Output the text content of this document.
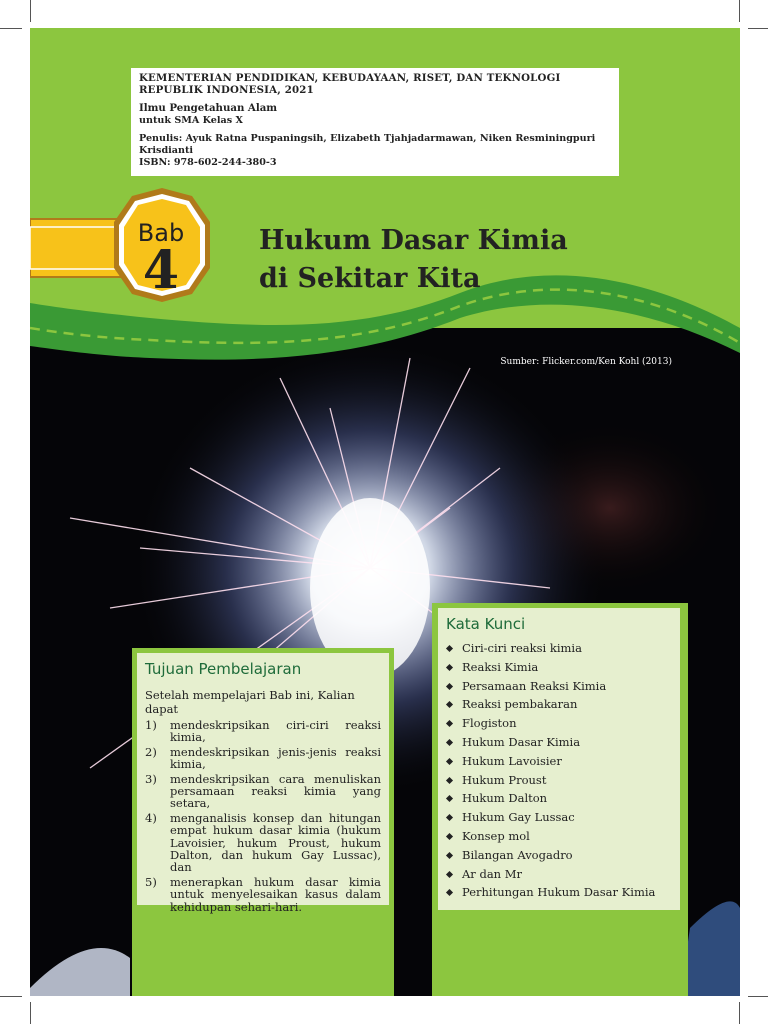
Bab
4
KEMENTERIAN PENDIDIKAN, KEBUDAYAAN, RISET, DAN TEKNOLOGI
REPUBLIK INDONESIA, 2021
Ilmu Pengetahuan Alam
untuk SMA Kelas X
Penulis: Ayuk Ratna Puspaningsih, Elizabeth Tjahjadarmawan, Niken Resminingpuri Krisdianti
ISBN: 978-602-244-380-3
Hukum Dasar Kimia
di Sekitar Kita
Sumber: Flicker.com/Ken Kohl (2013)
Kata Kunci
Ciri-ciri reaksi kimia
Reaksi Kimia
Persamaan Reaksi Kimia
Reaksi pembakaran
Flogiston
Hukum Dasar Kimia
Hukum Lavoisier
Hukum Proust
Hukum Dalton
Hukum Gay Lussac
Konsep mol
Bilangan Avogadro
Ar dan Mr
Perhitungan Hukum Dasar Kimia
Tujuan Pembelajaran
Setelah mempelajari Bab ini, Kalian dapat
1) mendeskripsikan ciri-ciri reaksi kimia,
2) mendeskripsikan jenis-jenis reaksi kimia,
3) mendeskripsikan cara menuliskan persamaan reaksi kimia yang setara,
4) menganalisis konsep dan hitungan empat hukum dasar kimia (hukum Lavoisier, hukum Proust, hukum Dalton, dan hukum Gay Lussac), dan
5) menerapkan hukum dasar kimia untuk menyelesaikan kasus dalam kehidupan sehari-hari.
